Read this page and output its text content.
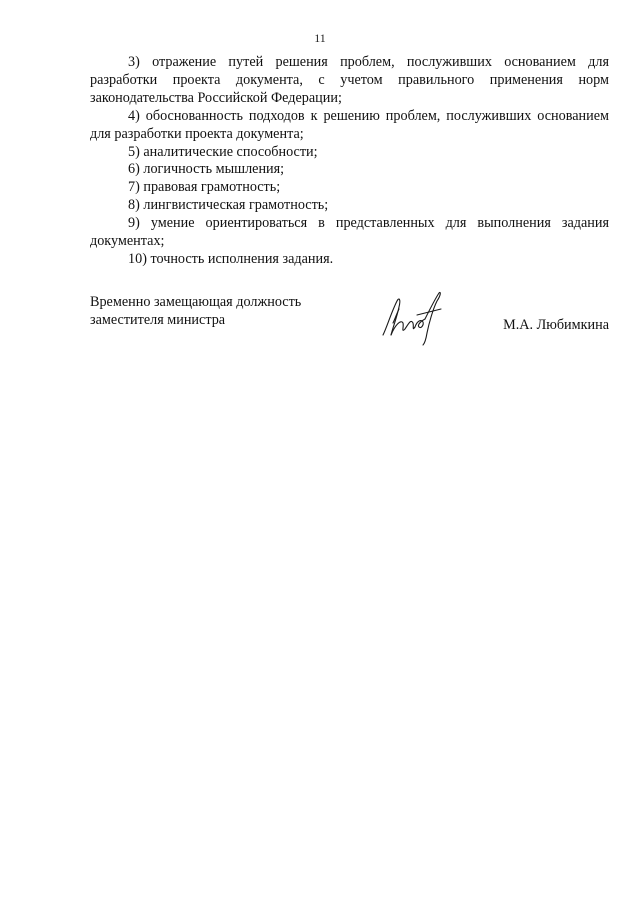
11

3) отражение путей решения проблем, послуживших основанием для разработки проекта документа, с учетом правильного применения норм законодательства Российской Федерации;

4) обоснованность подходов к решению проблем, послуживших основанием для разработки проекта документа;

5) аналитические способности;

6) логичность мышления;

7) правовая грамотность;

8) лингвистическая грамотность;

9) умение ориентироваться в представленных для выполнения задания документах;

10) точность исполнения задания.

Временно замещающая должность
заместителя министра	М.А. Любимкина
